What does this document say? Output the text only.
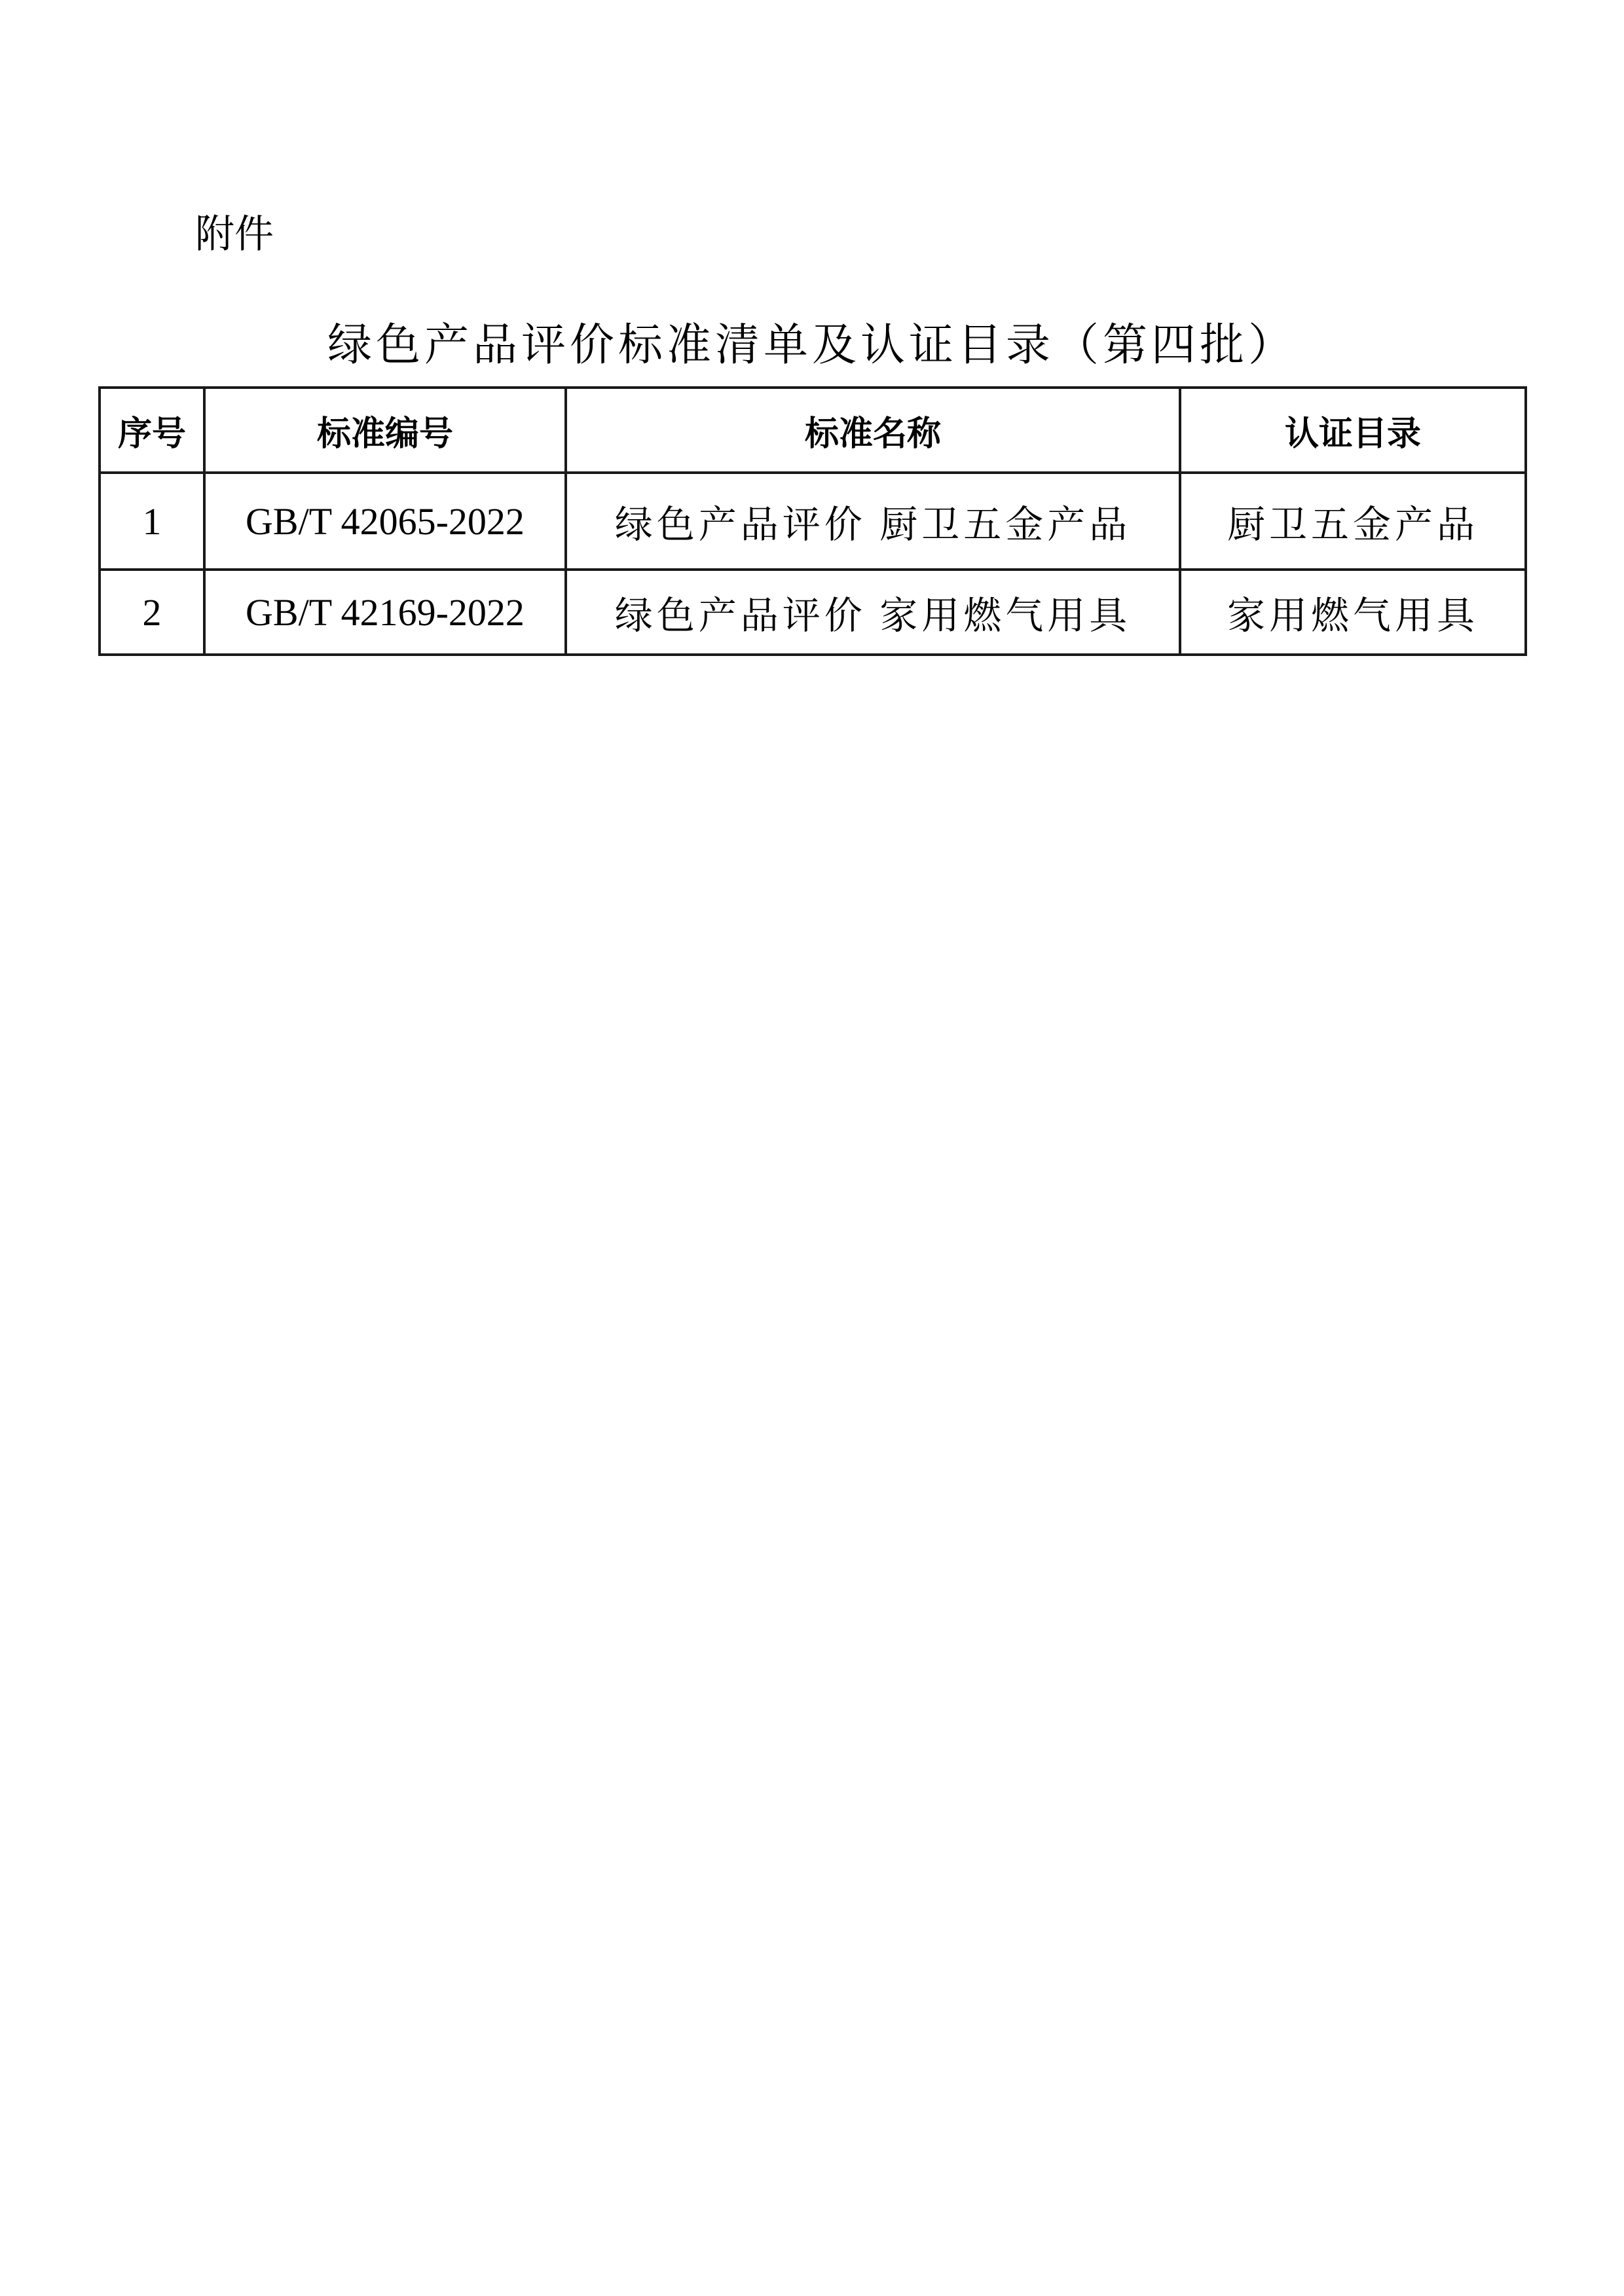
附件
绿色产品评价标准清单及认证目录（第四批）
序号	标准编号	标准名称	认证目录
1	GB/T 42065-2022	绿色产品评价 厨卫五金产品	厨卫五金产品
2	GB/T 42169-2022	绿色产品评价 家用燃气用具	家用燃气用具
